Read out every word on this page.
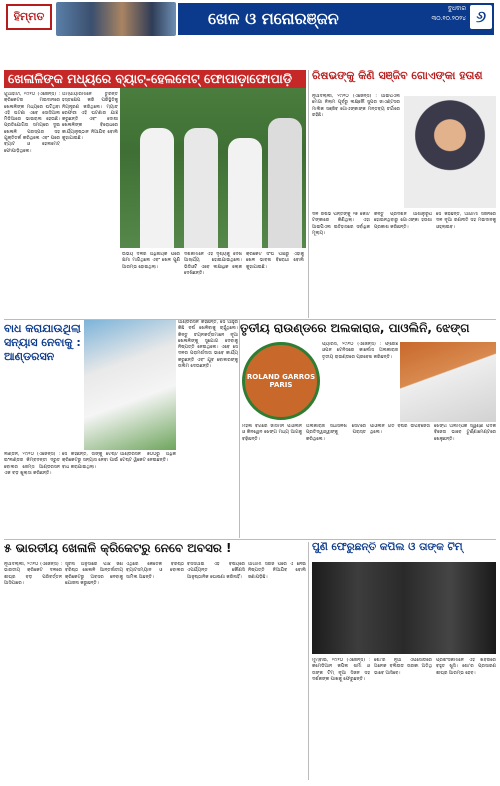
ହିମ୍ମତ	ଖେଳ ଓ ମନୋରଞ୍ଜନ
ବୁଧବାର
୩୦.୧୦.୨୦୨୪ ୬
ଖେଳାଳିଙ୍କ ମଧ୍ୟରେ ବ୍ୟାଟ୍-ହେଲମେଟ୍ ଫୋପାଡ଼ାଫୋପାଡ଼ି
ଗୁଆହାଟୀ, ୨୯ା୧୦ (ଏଜେନ୍ସି) : କ୍ରିକେଟର ମଇଦାନରେ ଖେଳାଳିଙ୍କ ମଧ୍ୟରେ ଘଟିଥିବା ଏହି ଘଟଣା ଏବେ ସୋସିଆଲ ମିଡିଆରେ ଭାଇରାଲ ହେଉଛି। ପ୍ରତିଯୋଗିତା ସମୟରେ ଦୁଇ ଖେଳାଳି ପରସ୍ପର ସହ ଯୁକ୍ତିତର୍କ କରିଥିଲେ ଏବଂ ପରେ ବ୍ୟାଟ ଓ ହେଲମେଟ୍ ଫୋପାଡ଼ିଥିଲେ।
ଅମ୍ପାୟାରମାନେ ତୁରନ୍ତ ହସ୍ତକ୍ଷେପ କରି ପରିସ୍ଥିତିକୁ ନିୟନ୍ତ୍ରଣ କରିଥିଲେ। ମ୍ୟାଚ୍ ରେଫରୀ ଏହି ଘଟଣାର ଯାଞ୍ଚ କରୁଛନ୍ତି ଏବଂ ଦୋଷୀ ଖେଳାଳିଙ୍କ ବିରୋଧରେ କାର୍ଯ୍ୟାନୁଷ୍ଠାନ ନିଆଯିବ ବୋଲି କୁହାଯାଇଛି।
ଉଭୟ ଦଳର ଅଧିନାୟକ ପରେ କ୍ଷମା ମାଗିଥିଲେ ଏବଂ ଖେଳ ପୁଣି ଆରମ୍ଭ ହୋଇଥିଲା।
ଦର୍ଶକମାନେ ଏହି ଦୃଶ୍ୟକୁ ଦେଖି ଆଶ୍ଚର୍ଯ୍ୟ ହୋଇଯାଇଥିଲେ। ଭିଡିଓଟି ଏବେ ଲକ୍ଷାଧିକ ଲୋକ ଦେଖିଛନ୍ତି।
କ୍ରିକେଟ ସଂଘ ପକ୍ଷରୁ ଏହାକୁ ଖେଳ ଭାବନା ବିରୋଧୀ ବୋଲି କୁହାଯାଇଛି।
ରିଷଭଙ୍କୁ କିଣି ସଞ୍ଜିବ ଗୋଏଙ୍କା ହତାଶ
ନୂଆଦିଲ୍ଲୀ, ୨୯ା୧୦ (ଏଜେନ୍ସି) : ଆଇପିଏଲ ମେଗା ନିଲାମ ପୂର୍ବରୁ ଲକ୍ଷ୍ନୌ ସୁପର ଜାଏଣ୍ଟସର ମାଲିକ ସଞ୍ଜିବ ଗୋଏଙ୍କାଙ୍କ ମନ୍ତବ୍ୟ ଚର୍ଚ୍ଚାରେ ରହିଛି।
ଦଳ ରିଷଭ ପନ୍ତଙ୍କୁ ୨୭ କୋଟି ଟଙ୍କାରେ କିଣିଥିଲା। ଏହା ଆଇପିଏଲ ଇତିହାସରେ ସର୍ବାଧିକ ମୂଲ୍ୟ।
କିନ୍ତୁ ପ୍ରଦର୍ଶନ ଆଶାନୁରୂପ ହୋଇନଥିବାରୁ ଗୋଏଙ୍କା ହତାଶା ପ୍ରକାଶ କରିଛନ୍ତି।
ସେ କହିଛନ୍ତି, ଆଗାମୀ ସିଜନରେ ଦଳ ନୂଆ ରଣନୀତି ସହ ମଇଦାନକୁ ଓହ୍ଲାଇବ।
ବାଧ କରାଯାଉଥିଲା ସନ୍ୟାସ ନେବାକୁ : ଆଣ୍ଡରସନ
ଲଣ୍ଡନ, ୨୯ା୧୦ (ଏଜେନ୍ସି) : ଇଂଲଣ୍ଡର କିମ୍ବଦନ୍ତୀ ଦ୍ରୁତ ବୋଲର ଜେମ୍ସ ଆଣ୍ଡରସନ ଏକ ବଡ଼ ଖୁଲାସା କରିଛନ୍ତି।
ସେ କହିଛନ୍ତି, ତାଙ୍କୁ ଟେଷ୍ଟ କ୍ରିକେଟରୁ ସନ୍ୟାସ ନେବା ପାଇଁ ବାଧ କରାଯାଇଥିଲା।
ଆଣ୍ଡରସନ ୭୦୦ରୁ ଅଧିକ ଟେଷ୍ଟ ୱିକେଟ ନେଇଛନ୍ତି।
ଆଣ୍ଡରସନ କହିଛନ୍ତି, ସେ ଆହୁରି କିଛି ବର୍ଷ ଖେଳିବାକୁ ଚାହୁଁଥିଲେ। କିନ୍ତୁ ଚୟନକର୍ତ୍ତାମାନେ ନୂଆ ଖେଳାଳିଙ୍କୁ ସୁଯୋଗ ଦେବାକୁ ନିଷ୍ପତ୍ତି ନେଇଥିଲେ। ଏବେ ସେ ଦଳର ପରାମର୍ଶଦାତା ଭାବେ କାର୍ଯ୍ୟ କରୁଛନ୍ତି ଏବଂ ଯୁବ ବୋଲରଙ୍କୁ ତାଲିମ ଦେଉଛନ୍ତି।
ତୃତୀୟ ରାଉଣ୍ଡରେ ଅଲକାରାଜ, ପାଓଲିନି, ଝେଙ୍ଗ
ROLAND GARROS
PARIS
ପ୍ୟାରିସ, ୨୯ା୧୦ (ଏଜେନ୍ସି) : ଫ୍ରେଞ୍ଚ ଓପନ ଟେନିସରେ କାର୍ଲୋସ ଅଲକାରାଜ ତୃତୀୟ ରାଉଣ୍ଡରେ ପ୍ରବେଶ କରିଛନ୍ତି।
ମହିଳା ବର୍ଗରେ ଜାସମିନ ପାଓଲିନି ଓ କିନୱେନ ଝେଙ୍ଗ ମଧ୍ୟ ଆଗକୁ ବଢ଼ିଛନ୍ତି।
ଅଲକାରାଜ ସିଧାସଳଖ ସେଟରେ ପ୍ରତିଦ୍ୱନ୍ଦ୍ୱୀଙ୍କୁ ପରାସ୍ତ କରିଥିଲେ।
ପାଓଲିନି ଗତ ବର୍ଷର ଉପବିଜେତା ଥିଲେ।
ଝେଙ୍ଗ ଅଲିମ୍ପିକ ସ୍ୱର୍ଣ୍ଣ ପଦକ ବିଜେତା ଭାବେ ଟୁର୍ଣ୍ଣାମେଣ୍ଟରେ ଖେଳୁଛନ୍ତି।
୫ ଭାରତୀୟ ଖେଳାଳି କ୍ରିକେଟରୁ ନେବେ ଅବସର !
ନୂଆଦିଲ୍ଲୀ, ୨୯ା୧୦ (ଏଜେନ୍ସି) : ଭାରତୀୟ କ୍ରିକେଟ ଦଳରେ ଶୀଘ୍ର ବଡ଼ ପରିବର୍ତ୍ତନ ଆସିପାରେ।
ସୂଚନା ଅନୁସାରେ ପାଞ୍ଚ ଜଣ ବରିଷ୍ଠ ଖେଳାଳି ଆନ୍ତର୍ଜାତୀୟ କ୍ରିକେଟରୁ ଅବସର ନେବାକୁ ଯୋଜନା କରୁଛନ୍ତି।
ଏଥିରେ କେତେକ ବରିଷ୍ଠ ବ୍ୟାଟସମ୍ୟାନ ଓ ବୋଲର ସାମିଲ ଅଛନ୍ତି।
ବିସିସିଆଇ ଏହି ବିଷୟରେ ଏପର୍ଯ୍ୟନ୍ତ କୌଣସି ଆନୁଷ୍ଠାନିକ ଘୋଷଣା କରିନାହିଁ।
ଆଗାମୀ ସିରିଜ ପରେ ଏ ନେଇ ନିଷ୍ପତ୍ତି ନିଆଯିବ ବୋଲି ଜଣାପଡ଼ିଛି।
ପୁଣି ଫେରୁଛନ୍ତି କପିଲ ଓ ତାଙ୍କ ଟିମ୍
ମୁମ୍ବାଇ, ୨୯ା୧୦ (ଏଜେନ୍ସି) : କମେଡିଆନ କପିଲ ଶର୍ମା ଓ ତାଙ୍କ ଟିମ୍ ନୂଆ ସିଜନ ସହ ଦର୍ଶକଙ୍କ ପାଖକୁ ଫେରୁଛନ୍ତି।
ଶୋ'ର ନୂଆ ଏପିସୋଡରେ ଅନେକ ବଲିଉଡ ତାରକା ଅତିଥି ଭାବେ ଆସିବେ।
ପ୍ରଶଂସକମାନେ ଏହି ଖବରରେ ବହୁତ ଖୁସି। ଶୋ'ର ପ୍ରସାରଣ ଶୀଘ୍ର ଆରମ୍ଭ ହେବ।
